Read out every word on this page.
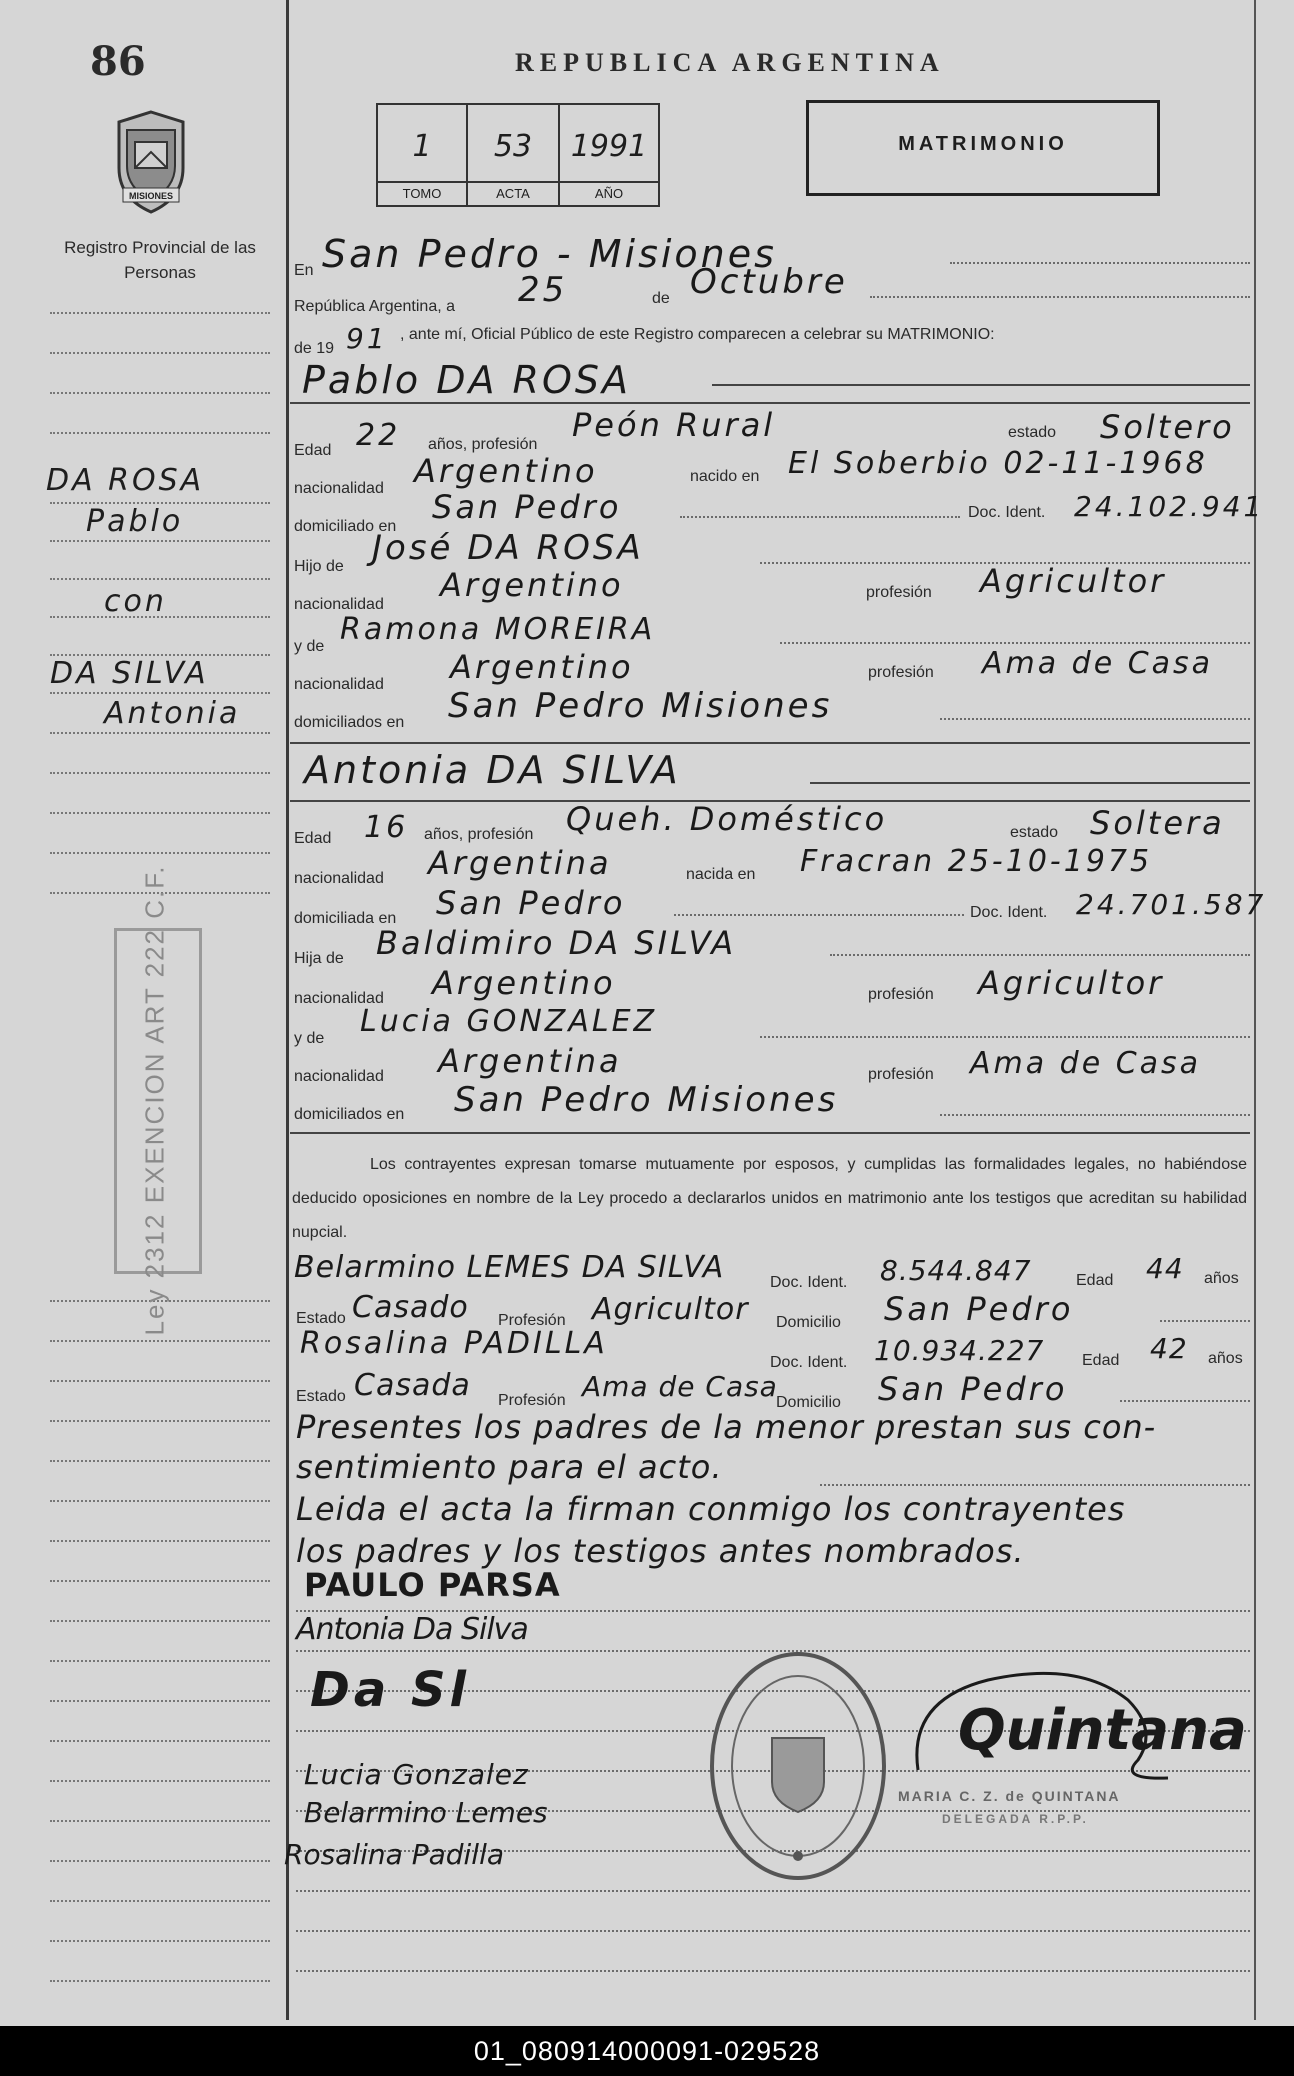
86
MISIONES
Registro Provincial de las Personas
REPUBLICA ARGENTINA
1
TOMO
53
ACTA
1991
AÑO
MATRIMONIO
DA ROSA
Pablo
con
DA SILVA
Antonia
Ley 2312 EXENCION ART 222 C.F.
En San Pedro - Misiones
República Argentina, a 25	de Octubre
de 19 91 , ante mí, Oficial Público de este Registro comparecen a celebrar su MATRIMONIO:
Pablo DA ROSA
Edad 22 años, profesión
Peón Rural	estado Soltero
nacionalidad Argentino	nacido en El Soberbio 02-11-1968
domiciliado en
San Pedro	Doc. Ident. 24.102.941
Hijo de José DA ROSA
nacionalidad
Argentino	profesión Agricultor
y de Ramona MOREIRA
nacionalidad Argentino	profesión Ama de Casa
domiciliados en San Pedro Misiones
Antonia DA SILVA
Edad 16 años, profesión Queh. Doméstico	estado Soltera
nacionalidad Argentina	nacida en Fracran 25-10-1975
domiciliada en San Pedro	Doc. Ident. 24.701.587
Hija de Baldimiro DA SILVA
nacionalidad Argentino	profesión Agricultor
y de Lucia GONZALEZ
nacionalidad Argentina	profesión Ama de Casa
domiciliados en San Pedro Misiones
Los contrayentes expresan tomarse mutuamente por esposos, y cumplidas las formalidades legales, no habiéndose deducido oposiciones en nombre de la Ley procedo a declararlos unidos en matrimonio ante los testigos que acreditan su habilidad nupcial.
Belarmino LEMES DA SILVA	Doc. Ident. 8.544.847	Edad 44 años
Estado Casado Profesión Agricultor Domicilio San Pedro
Rosalina PADILLA
Doc. Ident. 10.934.227 Edad 42 años
Estado Casada Profesión Ama de Casa
Domicilio San Pedro
Presentes los padres de la menor prestan sus con-
sentimiento para el acto.
Leida el acta la firman conmigo los contrayentes
los padres y los testigos antes nombrados.
PAULO PARSA
Antonia Da Silva
Da Sl
Lucia Gonzalez
Belarmino Lemes
Rosalina Padilla
Quintana
MARIA C. Z. de QUINTANA
DELEGADA R.P.P.
01_080914000091-029528
